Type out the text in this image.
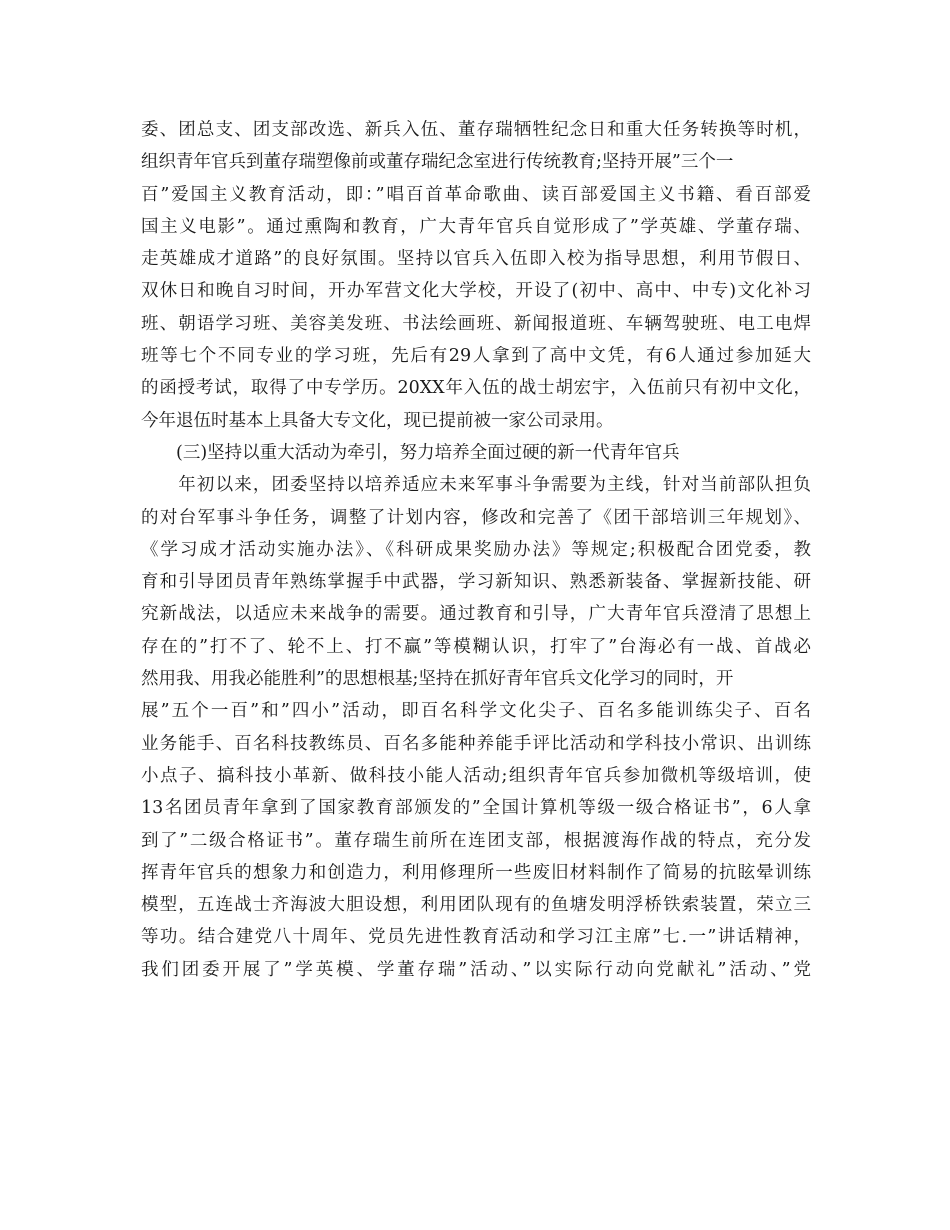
委、团总支、团支部改选、新兵入伍、董存瑞牺牲纪念日和重大任务转换等时机，
组织青年官兵到董存瑞塑像前或董存瑞纪念室进行传统教育;坚持开展”三个一
百”爱国主义教育活动，即：”唱百首革命歌曲、读百部爱国主义书籍、看百部爱
国主义电影”。通过熏陶和教育，广大青年官兵自觉形成了”学英雄、学董存瑞、
走英雄成才道路”的良好氛围。坚持以官兵入伍即入校为指导思想，利用节假日、
双休日和晚自习时间，开办军营文化大学校，开设了(初中、高中、中专)文化补习
班、朝语学习班、美容美发班、书法绘画班、新闻报道班、车辆驾驶班、电工电焊
班等七个不同专业的学习班，先后有29人拿到了高中文凭，有6人通过参加延大
的函授考试，取得了中专学历。20XX年入伍的战士胡宏宇，入伍前只有初中文化，
今年退伍时基本上具备大专文化，现已提前被一家公司录用。
　　(三)坚持以重大活动为牵引，努力培养全面过硬的新一代青年官兵
　　年初以来，团委坚持以培养适应未来军事斗争需要为主线，针对当前部队担负
的对台军事斗争任务，调整了计划内容，修改和完善了《团干部培训三年规划》、
《学习成才活动实施办法》、《科研成果奖励办法》等规定;积极配合团党委，教
育和引导团员青年熟练掌握手中武器，学习新知识、熟悉新装备、掌握新技能、研
究新战法，以适应未来战争的需要。通过教育和引导，广大青年官兵澄清了思想上
存在的”打不了、轮不上、打不赢”等模糊认识，打牢了”台海必有一战、首战必
然用我、用我必能胜利”的思想根基;坚持在抓好青年官兵文化学习的同时，开
展”五个一百”和”四小”活动，即百名科学文化尖子、百名多能训练尖子、百名
业务能手、百名科技教练员、百名多能种养能手评比活动和学科技小常识、出训练
小点子、搞科技小革新、做科技小能人活动;组织青年官兵参加微机等级培训，使
13名团员青年拿到了国家教育部颁发的”全国计算机等级一级合格证书”，6人拿
到了”二级合格证书”。董存瑞生前所在连团支部，根据渡海作战的特点，充分发
挥青年官兵的想象力和创造力，利用修理所一些废旧材料制作了简易的抗眩晕训练
模型，五连战士齐海波大胆设想，利用团队现有的鱼塘发明浮桥铁索装置，荣立三
等功。结合建党八十周年、党员先进性教育活动和学习江主席”七.一”讲话精神，
我们团委开展了”学英模、学董存瑞”活动、”以实际行动向党献礼”活动、”党
